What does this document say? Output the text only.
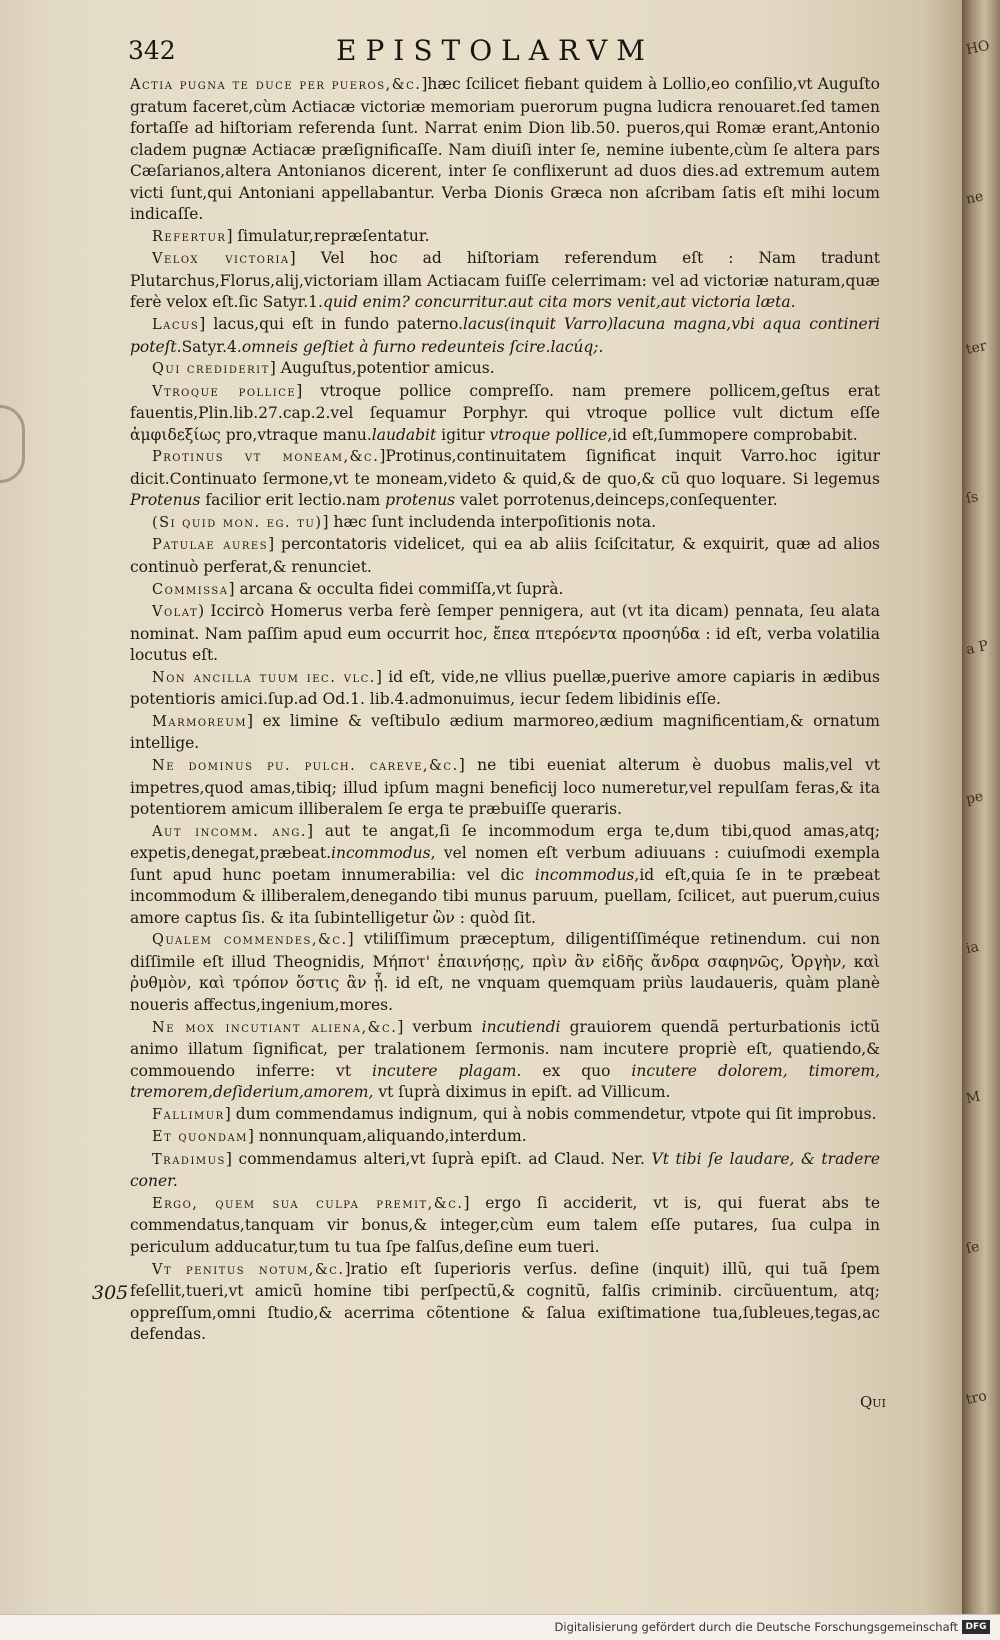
342	EPISTOLARVM

Actia pugna te duce per pueros,&c.]hæc ſcilicet fiebant quidem à Lollio,eo conſilio,vt Auguſto gratum faceret,cùm Actiacæ victoriæ memoriam puerorum pugna ludicra renouaret.ſed tamen fortaſſe ad hiſtoriam referenda ſunt. Narrat enim Dion lib.50. pueros,qui Romæ erant,Antonio cladem pugnæ Actiacæ præſignificaſſe. Nam diuiſi inter ſe, nemine iubente,cùm ſe altera pars Cæſarianos,altera Antonianos dicerent, inter ſe conflixerunt ad duos dies.ad extremum autem victi ſunt,qui Antoniani appellabantur. Verba Dionis Græca non aſcribam ſatis eſt mihi locum indicaſſe.

Refertur] ſimulatur,repræſentatur.

Velox victoria] Vel hoc ad hiſtoriam referendum eſt : Nam tradunt Plutarchus,Florus,alij,victoriam illam Actiacam fuiſſe celerrimam: vel ad victoriæ naturam,quæ ferè velox eſt.ſic Satyr.1.quid enim? concurritur.aut cita mors venit,aut victoria læta.

Lacus] lacus,qui eſt in fundo paterno.lacus(inquit Varro)lacuna magna,vbi aqua contineri poteſt.Satyr.4.omneis geſtiet à furno redeunteis ſcire.lacúq;.

Qui crediderit] Auguſtus,potentior amicus.

Vtroque pollice] vtroque pollice compreſſo. nam premere pollicem,geſtus erat fauentis,Plin.lib.27.cap.2.vel ſequamur Porphyr. qui vtroque pollice vult dictum eſſe ἀμφιδεξίως pro,vtraque manu.laudabit igitur vtroque pollice,id eſt,ſummopere comprobabit.

Protinus vt moneam,&c.]Protinus,continuitatem ſignificat inquit Varro.hoc igitur dicit.Continuato ſermone,vt te moneam,videto & quid,& de quo,& cũ quo loquare. Si legemus Protenus facilior erit lectio.nam protenus valet porrotenus,deinceps,conſequenter.

(Si quid mon. eg. tu)] hæc ſunt includenda interpoſitionis nota.

Patulae aures] percontatoris videlicet, qui ea ab aliis ſciſcitatur, & exquirit, quæ ad alios continuò perferat,& renunciet.

Commissa] arcana & occulta fidei commiſſa,vt ſuprà.

Volat) Iccircò Homerus verba ferè ſemper pennigera, aut (vt ita dicam) pennata, ſeu alata nominat. Nam paſſim apud eum occurrit hoc, ἔπεα πτερόεντα προσηύδα : id eſt, verba volatilia locutus eſt.

Non ancilla tuum iec. vlc.] id eſt, vide,ne vllius puellæ,puerive amore capiaris in ædibus potentioris amici.ſup.ad Od.1. lib.4.admonuimus, iecur ſedem libidinis eſſe.

Marmoreum] ex limine & veſtibulo ædium marmoreo,ædium magnificentiam,& ornatum intellige.

Ne dominus pu. pulch. careve,&c.] ne tibi eueniat alterum è duobus malis,vel vt impetres,quod amas,tibiq; illud ipſum magni beneficij loco numeretur,vel repulſam feras,& ita potentiorem amicum illiberalem ſe erga te præbuiſſe queraris.

Aut incomm. ang.] aut te angat,ſi ſe incommodum erga te,dum tibi,quod amas,atq; expetis,denegat,præbeat.incommodus, vel nomen eſt verbum adiuuans : cuiuſmodi exempla ſunt apud hunc poetam innumerabilia: vel dic incommodus,id eſt,quia ſe in te præbeat incommodum & illiberalem,denegando tibi munus paruum, puellam, ſcilicet, aut puerum,cuius amore captus ſis. & ita ſubintelligetur ὢν : quòd ſit.

Qualem commendes,&c.] vtiliſſimum præceptum, diligentiſſiméque retinendum. cui non diſſimile eſt illud Theognidis, Μήποτ' ἐπαινήσῃς, πρὶν ἂν εἰδῆς ἄνδρα σαφηνῶς, Ὀργὴν, καὶ ῥυθμὸν, καὶ τρόπον ὅστις ἂν ᾖ. id eſt, ne vnquam quemquam priùs laudaueris, quàm planè noueris affectus,ingenium,mores.

Ne mox incutiant aliena,&c.] verbum incutiendi grauiorem quendã perturbationis ictũ animo illatum ſignificat, per tralationem ſermonis. nam incutere propriè eſt, quatiendo,& commouendo inferre: vt incutere plagam. ex quo incutere dolorem, timorem, tremorem,deſiderium,amorem, vt ſuprà diximus in epiſt. ad Villicum.

Fallimur] dum commendamus indignum, qui à nobis commendetur, vtpote qui ſit improbus.

Et quondam] nonnunquam,aliquando,interdum.

Tradimus] commendamus alteri,vt ſuprà epiſt. ad Claud. Ner. Vt tibi ſe laudare, & tradere coner.

Ergo, quem sua culpa premit,&c.] ergo ſi acciderit, vt is, qui fuerat abs te commendatus,tanquam vir bonus,& integer,cùm eum talem eſſe putares, ſua culpa in periculum adducatur,tum tu tua ſpe falſus,deſine eum tueri.

Vt penitus notum,&c.]ratio eſt ſuperioris verſus. deſine (inquit) illũ, qui tuã ſpem feſellit,tueri,vt amicũ homine tibi perſpectũ,& cognitũ, falſis criminib. circũuentum, atq; oppreſſum,omni ſtudio,& acerrima cõtentione & ſalua exiſtimatione tua,ſubleues,tegas,ac defendas.

305
Qui
HO
ne
ter
ſs
a P
pe
ia
M
ſe
tro
Digitalisierung gefördert durch die Deutsche Forschungsgemeinschaft DFG
